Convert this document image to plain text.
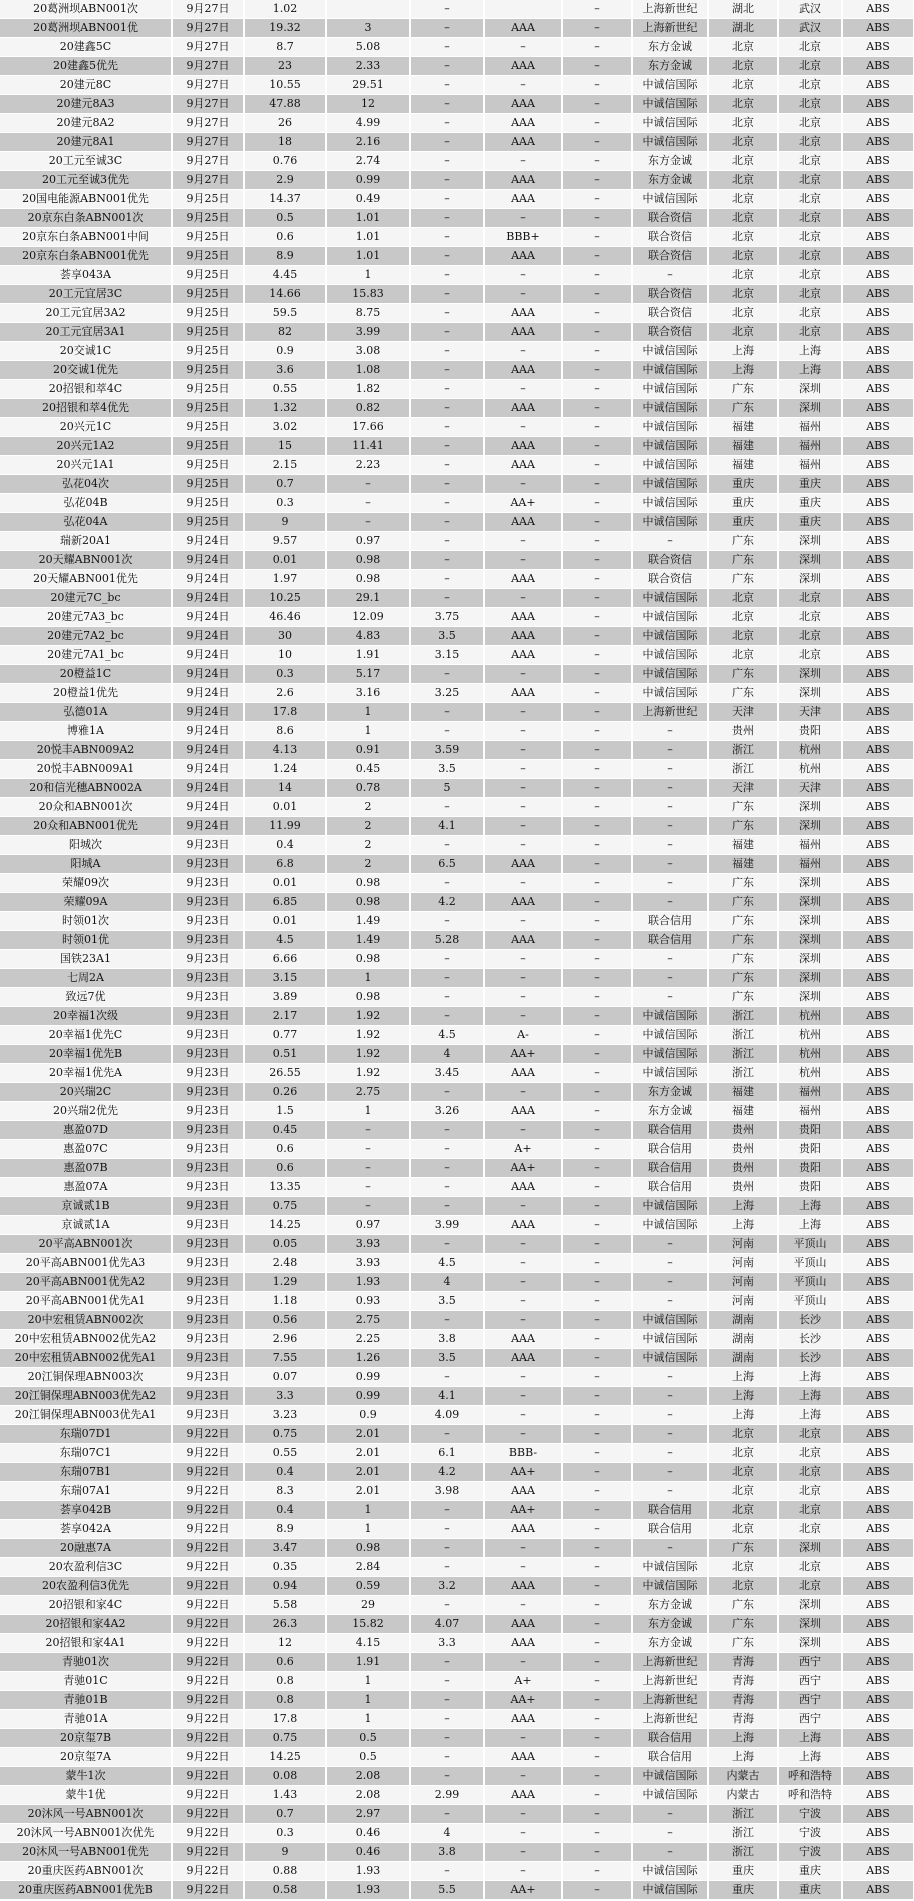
20葛洲坝ABN001次	9月27日	1.02		–		–	上海新世纪	湖北	武汉	ABS
20葛洲坝ABN001优	9月27日	19.32	3	–	AAA	–	上海新世纪	湖北	武汉	ABS
20建鑫5C	9月27日	8.7	5.08	–	–	–	东方金诚	北京	北京	ABS
20建鑫5优先	9月27日	23	2.33	–	AAA	–	东方金诚	北京	北京	ABS
20建元8C	9月27日	10.55	29.51	–	–	–	中诚信国际	北京	北京	ABS
20建元8A3	9月27日	47.88	12	–	AAA	–	中诚信国际	北京	北京	ABS
20建元8A2	9月27日	26	4.99	–	AAA	–	中诚信国际	北京	北京	ABS
20建元8A1	9月27日	18	2.16	–	AAA	–	中诚信国际	北京	北京	ABS
20工元至诚3C	9月27日	0.76	2.74	–	–	–	东方金诚	北京	北京	ABS
20工元至诚3优先	9月27日	2.9	0.99	–	AAA	–	东方金诚	北京	北京	ABS
20国电能源ABN001优先	9月25日	14.37	0.49	–	AAA	–	中诚信国际	北京	北京	ABS
20京东白条ABN001次	9月25日	0.5	1.01	–	–	–	联合资信	北京	北京	ABS
20京东白条ABN001中间	9月25日	0.6	1.01	–	BBB+	–	联合资信	北京	北京	ABS
20京东白条ABN001优先	9月25日	8.9	1.01	–	AAA	–	联合资信	北京	北京	ABS
荟享043A	9月25日	4.45	1	–	–	–	–	北京	北京	ABS
20工元宜居3C	9月25日	14.66	15.83	–	–	–	联合资信	北京	北京	ABS
20工元宜居3A2	9月25日	59.5	8.75	–	AAA	–	联合资信	北京	北京	ABS
20工元宜居3A1	9月25日	82	3.99	–	AAA	–	联合资信	北京	北京	ABS
20交诚1C	9月25日	0.9	3.08	–	–	–	中诚信国际	上海	上海	ABS
20交诚1优先	9月25日	3.6	1.08	–	AAA	–	中诚信国际	上海	上海	ABS
20招银和萃4C	9月25日	0.55	1.82	–	–	–	中诚信国际	广东	深圳	ABS
20招银和萃4优先	9月25日	1.32	0.82	–	AAA	–	中诚信国际	广东	深圳	ABS
20兴元1C	9月25日	3.02	17.66	–	–	–	中诚信国际	福建	福州	ABS
20兴元1A2	9月25日	15	11.41	–	AAA	–	中诚信国际	福建	福州	ABS
20兴元1A1	9月25日	2.15	2.23	–	AAA	–	中诚信国际	福建	福州	ABS
弘花04次	9月25日	0.7	–	–	–	–	中诚信国际	重庆	重庆	ABS
弘花04B	9月25日	0.3	–	–	AA+	–	中诚信国际	重庆	重庆	ABS
弘花04A	9月25日	9	–	–	AAA	–	中诚信国际	重庆	重庆	ABS
瑞新20A1	9月24日	9.57	0.97	–	–	–	–	广东	深圳	ABS
20天耀ABN001次	9月24日	0.01	0.98	–	–	–	联合资信	广东	深圳	ABS
20天耀ABN001优先	9月24日	1.97	0.98	–	AAA	–	联合资信	广东	深圳	ABS
20建元7C_bc	9月24日	10.25	29.1	–	–	–	中诚信国际	北京	北京	ABS
20建元7A3_bc	9月24日	46.46	12.09	3.75	AAA	–	中诚信国际	北京	北京	ABS
20建元7A2_bc	9月24日	30	4.83	3.5	AAA	–	中诚信国际	北京	北京	ABS
20建元7A1_bc	9月24日	10	1.91	3.15	AAA	–	中诚信国际	北京	北京	ABS
20橙益1C	9月24日	0.3	5.17	–	–	–	中诚信国际	广东	深圳	ABS
20橙益1优先	9月24日	2.6	3.16	3.25	AAA	–	中诚信国际	广东	深圳	ABS
弘德01A	9月24日	17.8	1	–	–	–	上海新世纪	天津	天津	ABS
博雅1A	9月24日	8.6	1	–	–	–	–	贵州	贵阳	ABS
20悦丰ABN009A2	9月24日	4.13	0.91	3.59	–	–	–	浙江	杭州	ABS
20悦丰ABN009A1	9月24日	1.24	0.45	3.5	–	–	–	浙江	杭州	ABS
20和信光穗ABN002A	9月24日	14	0.78	5	–	–	–	天津	天津	ABS
20众和ABN001次	9月24日	0.01	2	–	–	–	–	广东	深圳	ABS
20众和ABN001优先	9月24日	11.99	2	4.1	–	–	–	广东	深圳	ABS
阳城次	9月23日	0.4	2	–	–	–	–	福建	福州	ABS
阳城A	9月23日	6.8	2	6.5	AAA	–	–	福建	福州	ABS
荣耀09次	9月23日	0.01	0.98	–	–	–	–	广东	深圳	ABS
荣耀09A	9月23日	6.85	0.98	4.2	AAA	–	–	广东	深圳	ABS
时领01次	9月23日	0.01	1.49	–	–	–	联合信用	广东	深圳	ABS
时领01优	9月23日	4.5	1.49	5.28	AAA	–	联合信用	广东	深圳	ABS
国铁23A1	9月23日	6.66	0.98	–	–	–	–	广东	深圳	ABS
七周2A	9月23日	3.15	1	–	–	–	–	广东	深圳	ABS
致远7优	9月23日	3.89	0.98	–	–	–	–	广东	深圳	ABS
20幸福1次级	9月23日	2.17	1.92	–	–	–	中诚信国际	浙江	杭州	ABS
20幸福1优先C	9月23日	0.77	1.92	4.5	A-	–	中诚信国际	浙江	杭州	ABS
20幸福1优先B	9月23日	0.51	1.92	4	AA+	–	中诚信国际	浙江	杭州	ABS
20幸福1优先A	9月23日	26.55	1.92	3.45	AAA	–	中诚信国际	浙江	杭州	ABS
20兴瑞2C	9月23日	0.26	2.75	–	–	–	东方金诚	福建	福州	ABS
20兴瑞2优先	9月23日	1.5	1	3.26	AAA	–	东方金诚	福建	福州	ABS
惠盈07D	9月23日	0.45	–	–	–	–	联合信用	贵州	贵阳	ABS
惠盈07C	9月23日	0.6	–	–	A+	–	联合信用	贵州	贵阳	ABS
惠盈07B	9月23日	0.6	–	–	AA+	–	联合信用	贵州	贵阳	ABS
惠盈07A	9月23日	13.35	–	–	AAA	–	联合信用	贵州	贵阳	ABS
京诚贰1B	9月23日	0.75	–	–	–	–	中诚信国际	上海	上海	ABS
京诚贰1A	9月23日	14.25	0.97	3.99	AAA	–	中诚信国际	上海	上海	ABS
20平高ABN001次	9月23日	0.05	3.93	–	–	–	–	河南	平顶山	ABS
20平高ABN001优先A3	9月23日	2.48	3.93	4.5	–	–	–	河南	平顶山	ABS
20平高ABN001优先A2	9月23日	1.29	1.93	4	–	–	–	河南	平顶山	ABS
20平高ABN001优先A1	9月23日	1.18	0.93	3.5	–	–	–	河南	平顶山	ABS
20中宏租赁ABN002次	9月23日	0.56	2.75	–	–	–	中诚信国际	湖南	长沙	ABS
20中宏租赁ABN002优先A2	9月23日	2.96	2.25	3.8	AAA	–	中诚信国际	湖南	长沙	ABS
20中宏租赁ABN002优先A1	9月23日	7.55	1.26	3.5	AAA	–	中诚信国际	湖南	长沙	ABS
20江铜保理ABN003次	9月23日	0.07	0.99	–	–	–	–	上海	上海	ABS
20江铜保理ABN003优先A2	9月23日	3.3	0.99	4.1	–	–	–	上海	上海	ABS
20江铜保理ABN003优先A1	9月23日	3.23	0.9	4.09	–	–	–	上海	上海	ABS
东瑞07D1	9月22日	0.75	2.01	–	–	–	–	北京	北京	ABS
东瑞07C1	9月22日	0.55	2.01	6.1	BBB-	–	–	北京	北京	ABS
东瑞07B1	9月22日	0.4	2.01	4.2	AA+	–	–	北京	北京	ABS
东瑞07A1	9月22日	8.3	2.01	3.98	AAA	–	–	北京	北京	ABS
荟享042B	9月22日	0.4	1	–	AA+	–	联合信用	北京	北京	ABS
荟享042A	9月22日	8.9	1	–	AAA	–	联合信用	北京	北京	ABS
20融惠7A	9月22日	3.47	0.98	–	–	–	–	广东	深圳	ABS
20农盈利信3C	9月22日	0.35	2.84	–	–	–	中诚信国际	北京	北京	ABS
20农盈利信3优先	9月22日	0.94	0.59	3.2	AAA	–	中诚信国际	北京	北京	ABS
20招银和家4C	9月22日	5.58	29	–	–	–	东方金诚	广东	深圳	ABS
20招银和家4A2	9月22日	26.3	15.82	4.07	AAA	–	东方金诚	广东	深圳	ABS
20招银和家4A1	9月22日	12	4.15	3.3	AAA	–	东方金诚	广东	深圳	ABS
青驰01次	9月22日	0.6	1.91	–	–	–	上海新世纪	青海	西宁	ABS
青驰01C	9月22日	0.8	1	–	A+	–	上海新世纪	青海	西宁	ABS
青驰01B	9月22日	0.8	1	–	AA+	–	上海新世纪	青海	西宁	ABS
青驰01A	9月22日	17.8	1	–	AAA	–	上海新世纪	青海	西宁	ABS
20京玺7B	9月22日	0.75	0.5	–	–	–	联合信用	上海	上海	ABS
20京玺7A	9月22日	14.25	0.5	–	AAA	–	联合信用	上海	上海	ABS
蒙牛1次	9月22日	0.08	2.08	–	–	–	中诚信国际	内蒙古	呼和浩特	ABS
蒙牛1优	9月22日	1.43	2.08	2.99	AAA	–	中诚信国际	内蒙古	呼和浩特	ABS
20沐风一号ABN001次	9月22日	0.7	2.97	–	–	–	–	浙江	宁波	ABS
20沐风一号ABN001次优先	9月22日	0.3	0.46	4	–	–	–	浙江	宁波	ABS
20沐风一号ABN001优先	9月22日	9	0.46	3.8	–	–	–	浙江	宁波	ABS
20重庆医药ABN001次	9月22日	0.88	1.93	–	–	–	中诚信国际	重庆	重庆	ABS
20重庆医药ABN001优先B	9月22日	0.58	1.93	5.5	AA+	–	中诚信国际	重庆	重庆	ABS
